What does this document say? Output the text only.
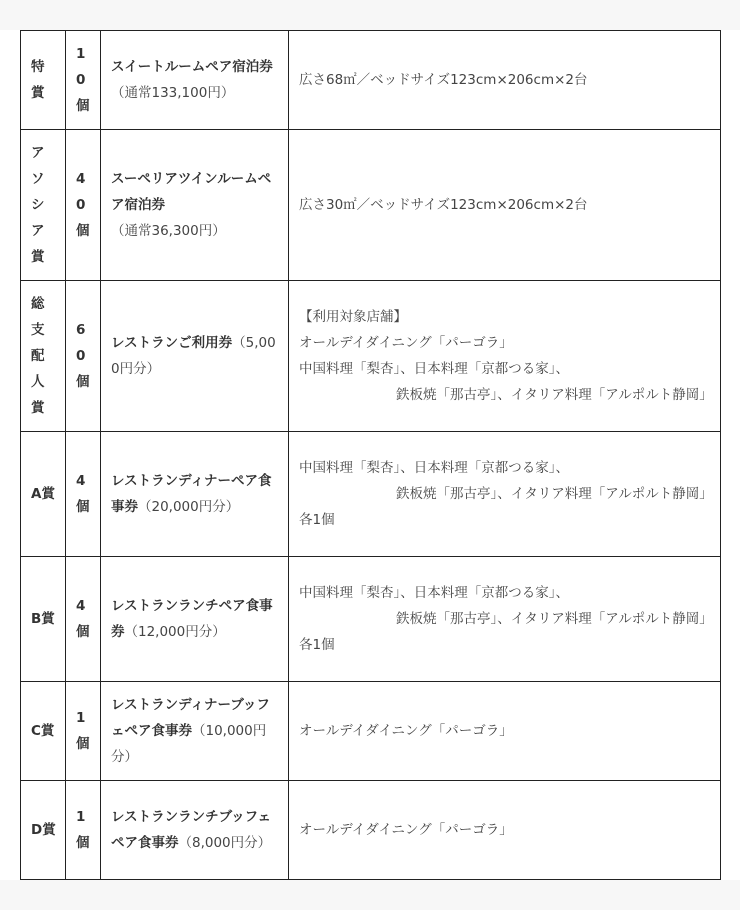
特賞	10個	スイートルームペア宿泊券（通常133,100円）	広さ68㎡／ベッドサイズ123cm×206cm×2台

アソシア賞	40個	スーペリアツインルームペア宿泊券（通常36,300円）	広さ30㎡／ベッドサイズ123cm×206cm×2台

総支配人賞	60個	レストランご利用券（5,000円分）	【利用対象店舗】
オールデイダイニング「パーゴラ」
中国料理「梨杏」、日本料理「京都つる家」、
鉄板焼「那古亭」、イタリア料理「アルポルト静岡」

A賞	4個	レストランディナーペア食事券（20,000円分）	中国料理「梨杏」、日本料理「京都つる家」、
鉄板焼「那古亭」、イタリア料理「アルポルト静岡」
各1個

B賞	4個	レストランランチペア食事券（12,000円分）	中国料理「梨杏」、日本料理「京都つる家」、
鉄板焼「那古亭」、イタリア料理「アルポルト静岡」
各1個

C賞	1個	レストランディナーブッフェペア食事券（10,000円分）	オールデイダイニング「パーゴラ」

D賞	1個	レストランランチブッフェペア食事券（8,000円分）	オールデイダイニング「パーゴラ」
